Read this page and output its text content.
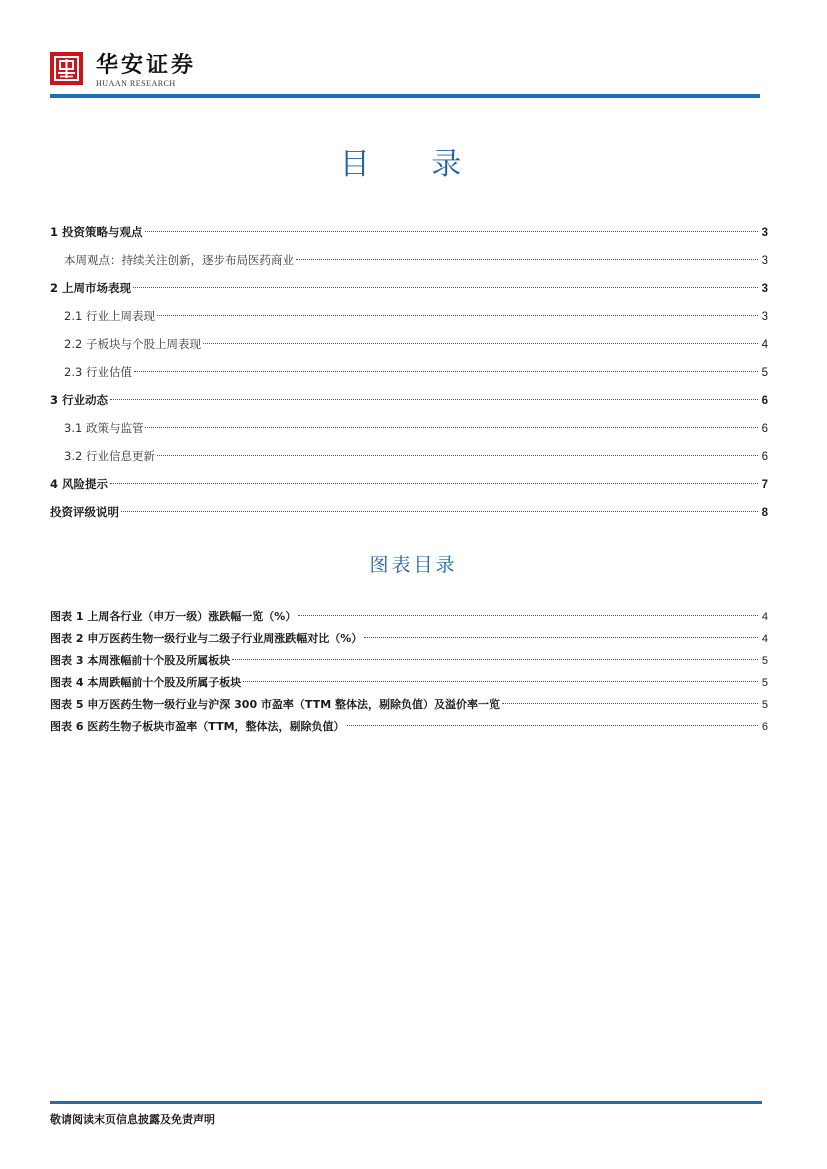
华安证券
HUAAN RESEARCH
目 录
1 投资策略与观点	3
本周观点：持续关注创新，逐步布局医药商业	3
2 上周市场表现	3
2.1 行业上周表现	3
2.2 子板块与个股上周表现	4
2.3 行业估值	5
3 行业动态	6
3.1 政策与监管	6
3.2 行业信息更新	6
4 风险提示	7
投资评级说明	8
图表目录
图表 1 上周各行业（申万一级）涨跌幅一览（%）	4
图表 2 申万医药生物一级行业与二级子行业周涨跌幅对比（%）	4
图表 3 本周涨幅前十个股及所属板块	5
图表 4 本周跌幅前十个股及所属子板块	5
图表 5 申万医药生物一级行业与沪深 300 市盈率（TTM 整体法，剔除负值）及溢价率一览	5
图表 6 医药生物子板块市盈率（TTM，整体法，剔除负值）	6
敬请阅读末页信息披露及免责声明
